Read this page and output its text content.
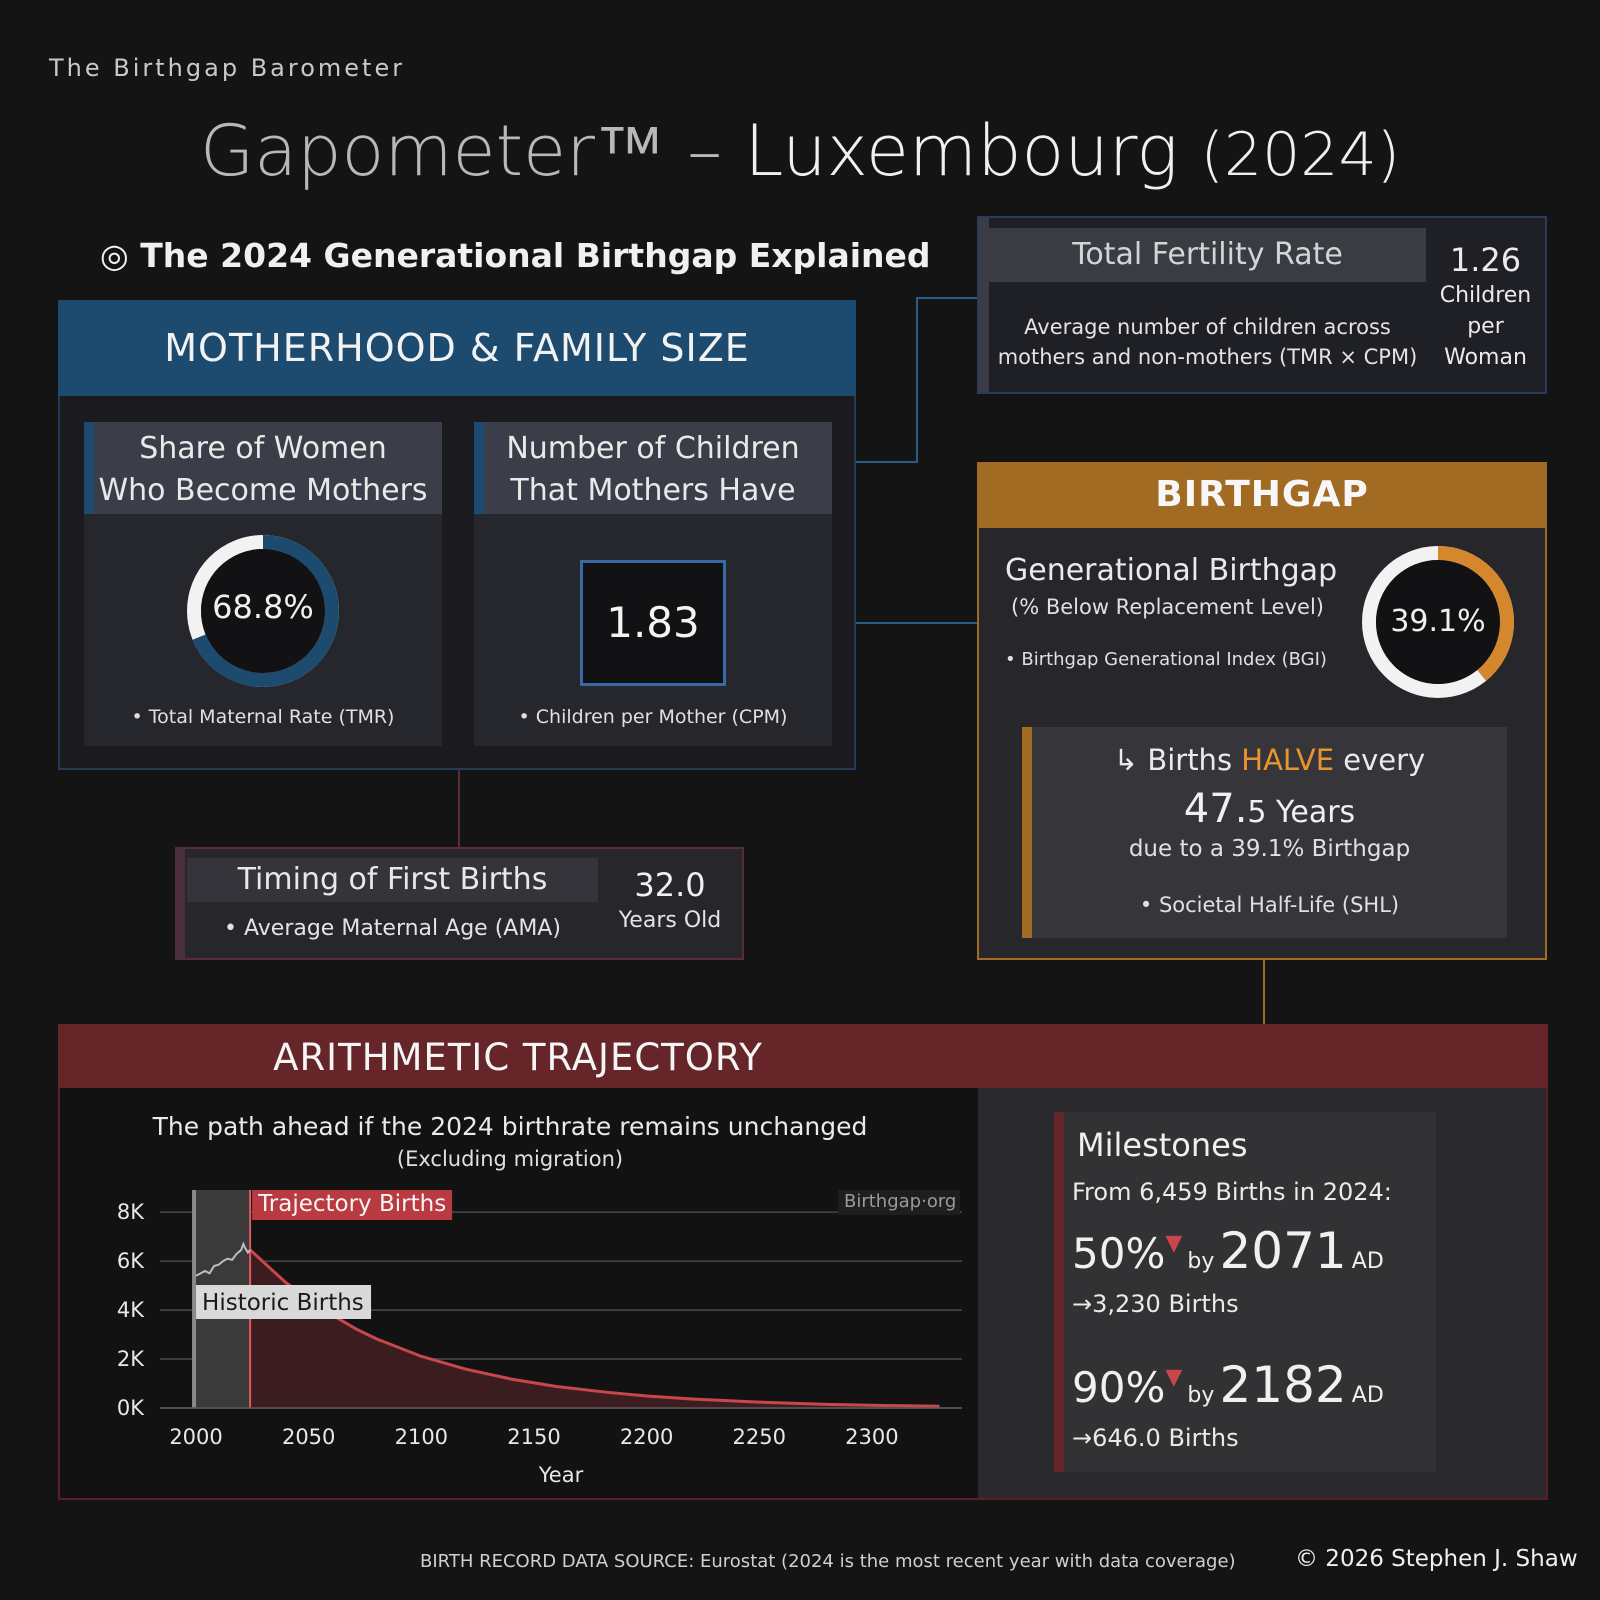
The Birthgap Barometer
Gapometer™ – Luxembourg (2024)
◎ The 2024 Generational Birthgap Explained
MOTHERHOOD & FAMILY SIZE
Share of Women
Who Become Mothers
68.8%
• Total Maternal Rate (TMR)
Number of Children
That Mothers Have
1.83
• Children per Mother (CPM)
Total Fertility Rate
Average number of children across
mothers and non-mothers (TMR × CPM)
1.26
Children
per
Woman
BIRTHGAP
Generational Birthgap
(% Below Replacement Level)
• Birthgap Generational Index (BGI)
39.1%
↳ Births HALVE every
47.5 Years
due to a 39.1% Birthgap
• Societal Half-Life (SHL)
Timing of First Births
• Average Maternal Age (AMA)
32.0
Years Old
ARITHMETIC TRAJECTORY
The path ahead if the 2024 birthrate remains unchanged
(Excluding migration)
0K
2K
4K
6K
8K
2000	2050	2100	2150	2200	2250	2300
Year
Trajectory Births
Historic Births
Birthgap·org
Milestones
From 6,459 Births in 2024:
50%▼ by 2071 AD
→3,230 Births
90%▼ by 2182 AD
→646.0 Births
BIRTH RECORD DATA SOURCE: Eurostat (2024 is the most recent year with data coverage)	© 2026 Stephen J. Shaw
